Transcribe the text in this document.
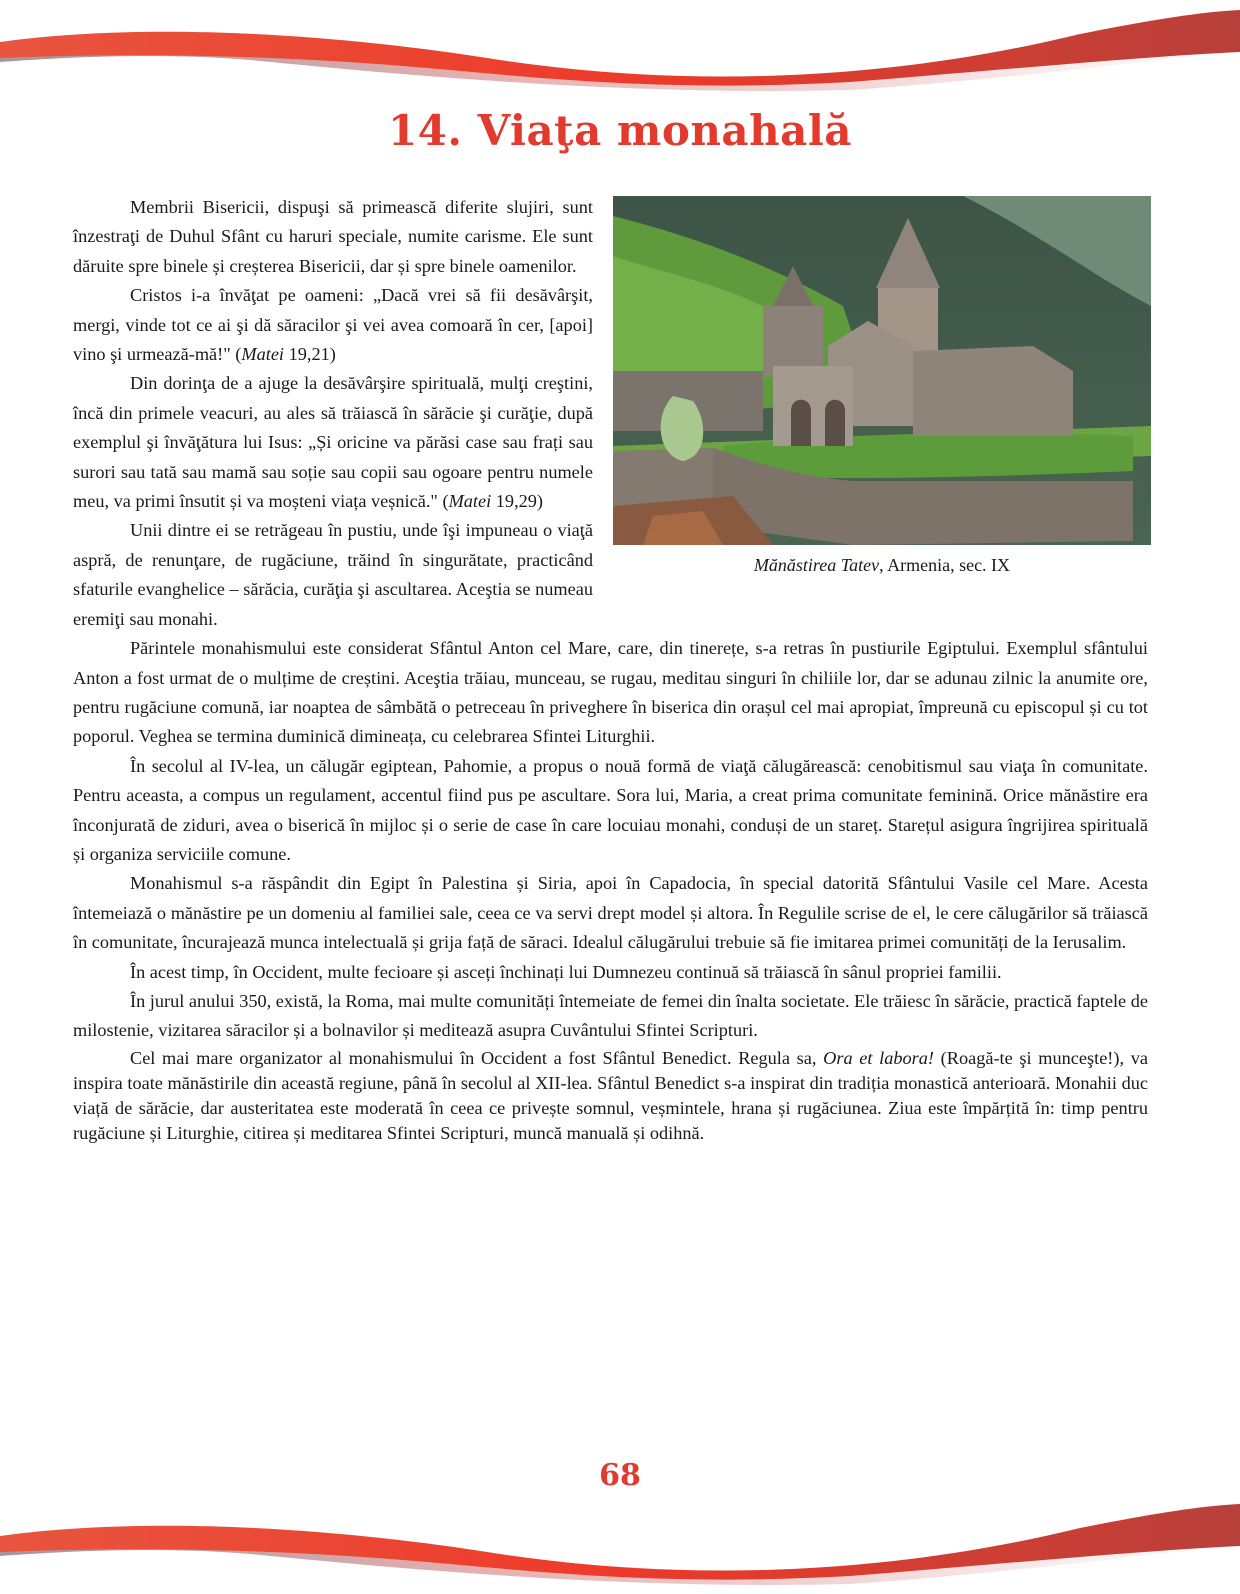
14. Viaţa monahală
Mănăstirea Tatev, Armenia, sec. IX

Membrii Bisericii, dispuşi să primească diferite slujiri, sunt înzestraţi de Duhul Sfânt cu haruri speciale, numite carisme. Ele sunt dăruite spre binele și creșterea Bisericii, dar și spre binele oamenilor.

Cristos i-a învăţat pe oameni: „Dacă vrei să fii desăvârşit, mergi, vinde tot ce ai şi dă săracilor şi vei avea comoară în cer, [apoi] vino şi urmează-mă!" (Matei 19,21)

Din dorinţa de a ajuge la desăvârşire spirituală, mulţi creştini, încă din primele veacuri, au ales să trăiască în sărăcie şi curăţie, după exemplul şi învăţătura lui Isus: „Și oricine va părăsi case sau frați sau surori sau tată sau mamă sau soție sau copii sau ogoare pentru numele meu, va primi însutit și va moșteni viața veșnică." (Matei 19,29)

Unii dintre ei se retrăgeau în pustiu, unde îşi impuneau o viaţă aspră, de renunţare, de rugăciune, trăind în singurătate, practicând sfaturile evanghelice – sărăcia, curăţia şi ascultarea. Aceştia se numeau eremiţi sau monahi.

Părintele monahismului este considerat Sfântul Anton cel Mare, care, din tinerețe, s-a retras în pustiurile Egiptului. Exemplul sfântului Anton a fost urmat de o mulțime de creștini. Aceştia trăiau, munceau, se rugau, meditau singuri în chiliile lor, dar se adunau zilnic la anumite ore, pentru rugăciune comună, iar noaptea de sâmbătă o petreceau în priveghere în biserica din orașul cel mai apropiat, împreună cu episcopul și cu tot poporul. Veghea se termina duminică dimineața, cu celebrarea Sfintei Liturghii.

În secolul al IV-lea, un călugăr egiptean, Pahomie, a propus o nouă formă de viaţă călugărească: cenobitismul sau viaţa în comunitate. Pentru aceasta, a compus un regulament, accentul fiind pus pe ascultare. Sora lui, Maria, a creat prima comunitate feminină. Orice mănăstire era înconjurată de ziduri, avea o biserică în mijloc și o serie de case în care locuiau monahi, conduși de un stareț. Starețul asigura îngrijirea spirituală și organiza serviciile comune.

Monahismul s-a răspândit din Egipt în Palestina și Siria, apoi în Capadocia, în special datorită Sfântului Vasile cel Mare. Acesta întemeiază o mănăstire pe un domeniu al familiei sale, ceea ce va servi drept model și altora. În Regulile scrise de el, le cere călugărilor să trăiască în comunitate, încurajează munca intelectuală și grija față de săraci. Idealul călugărului trebuie să fie imitarea primei comunități de la Ierusalim.

În acest timp, în Occident, multe fecioare și asceți închinați lui Dumnezeu continuă să trăiască în sânul propriei familii.

În jurul anului 350, există, la Roma, mai multe comunități întemeiate de femei din înalta societate. Ele trăiesc în sărăcie, practică faptele de milostenie, vizitarea săracilor și a bolnavilor și meditează asupra Cuvântului Sfintei Scripturi.

Cel mai mare organizator al monahismului în Occident a fost Sfântul Benedict. Regula sa, Ora et labora! (Roagă-te şi munceşte!), va inspira toate mănăstirile din această regiune, până în secolul al XII-lea. Sfântul Benedict s-a inspirat din tradiția monastică anterioară. Monahii duc viață de sărăcie, dar austeritatea este moderată în ceea ce privește somnul, veșmintele, hrana și rugăciunea. Ziua este împărțită în: timp pentru rugăciune și Liturghie, citirea și meditarea Sfintei Scripturi, muncă manuală și odihnă.

68
